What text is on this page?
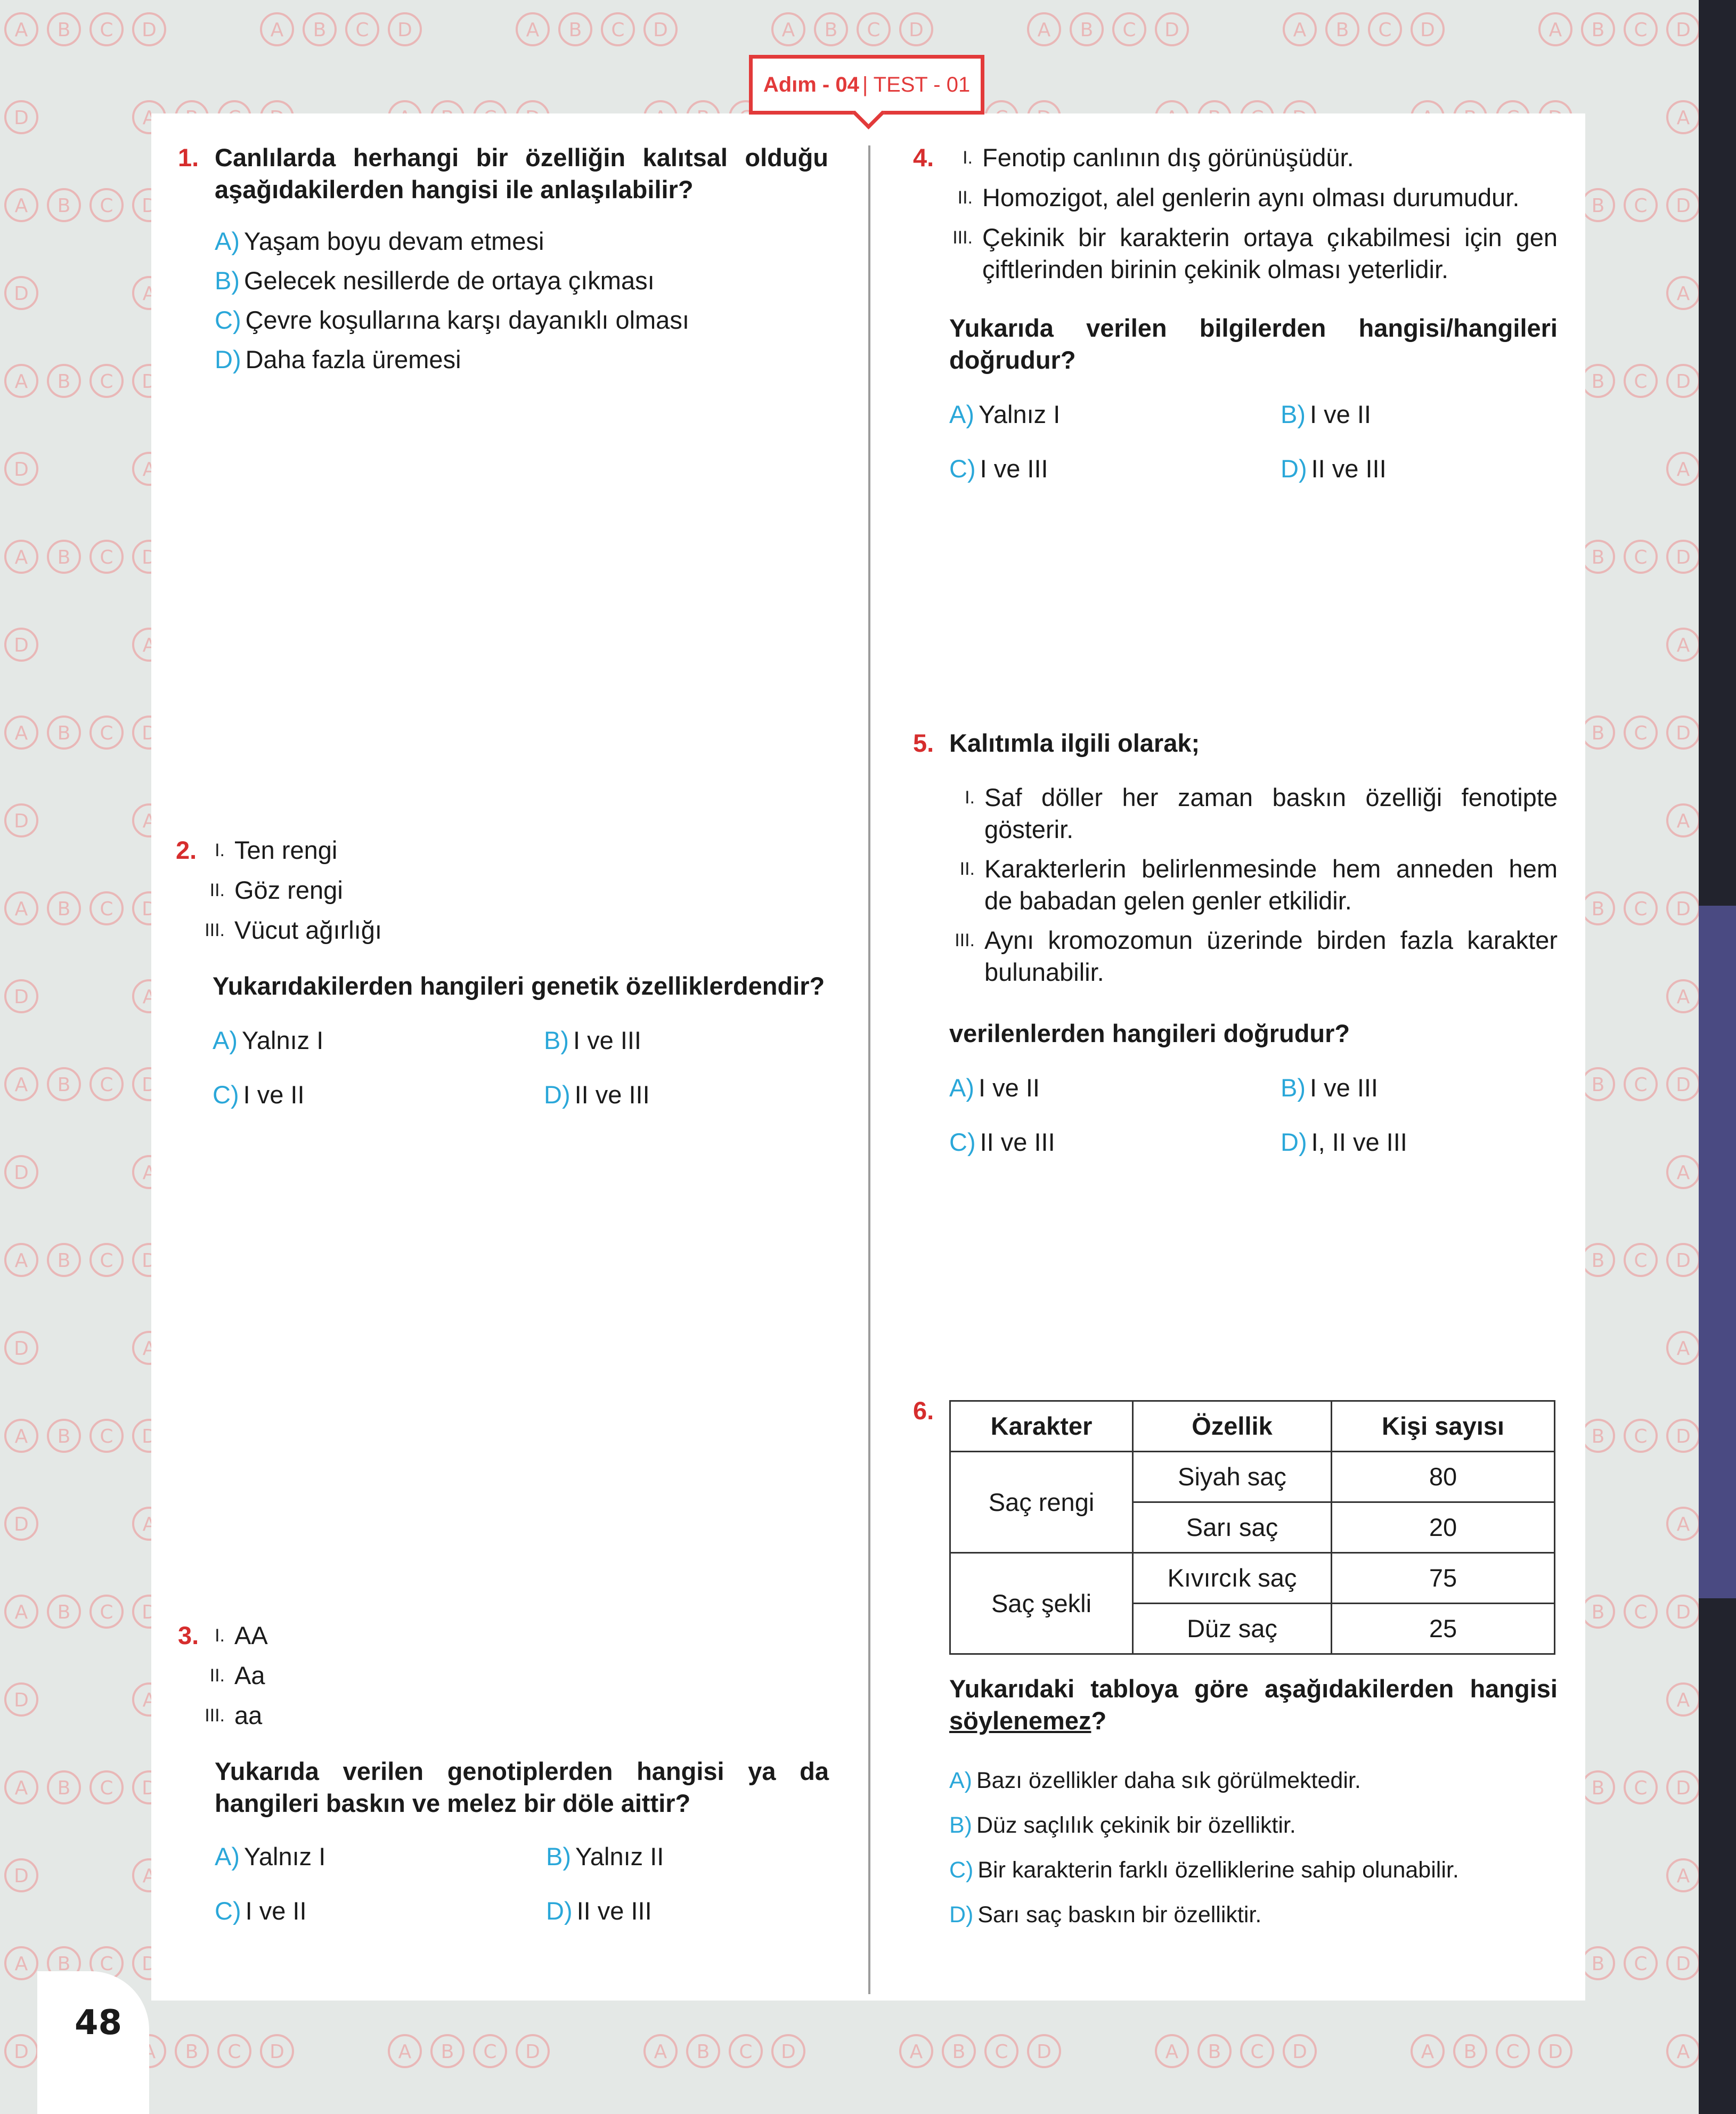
1. Canlılarda herhangi bir özelliğin kalıtsal olduğu aşağıdakilerden hangisi ile anlaşılabilir?

A) Yaşam boyu devam etmesi
B) Gelecek nesillerde de ortaya çıkması
C) Çevre koşullarına karşı dayanıklı olması
D) Daha fazla üremesi
2. I. Ten rengi
II. Göz rengi
III. Vücut ağırlığı

Yukarıdakilerden hangileri genetik özelliklerdendir?

A) Yalnız I	B) I ve III
C) I ve II	D) II ve III
3. I. AA
II. Aa
III. aa

Yukarıda verilen genotiplerden hangisi ya da hangileri baskın ve melez bir döle aittir?

A) Yalnız I	B) Yalnız II
C) I ve II	D) II ve III
4.	I. Fenotip canlının dış görünüşüdür.
II. Homozigot, alel genlerin aynı olması durumudur.
III. Çekinik bir karakterin ortaya çıkabilmesi için gen çiftlerinden birinin çekinik olması yeterlidir.

Yukarıda verilen bilgilerden hangisi/hangileri doğrudur?

A) Yalnız I	B) I ve II
C) I ve III	D) II ve III
5. Kalıtımla ilgili olarak;

I. Saf döller her zaman baskın özelliği fenotipte gösterir.
II. Karakterlerin belirlenmesinde hem anneden hem de babadan gelen genler etkilidir.
III. Aynı kromozomun üzerinde birden fazla karakter bulunabilir.

verilenlerden hangileri doğrudur?

A) I ve II	B) I ve III
C) II ve III	D) I, II ve III
6.
Karakter	Özellik	Kişi sayısı
Saç rengi	Siyah saç	80
	Sarı saç	20
Saç şekli	Kıvırcık saç	75
	Düz saç	25

Yukarıdaki tabloya göre aşağıdakilerden hangisi söylenemez?

A) Bazı özellikler daha sık görülmektedir.
B) Düz saçlılık çekinik bir özelliktir.
C) Bir karakterin farklı özelliklerine sahip olunabilir.
D) Sarı saç baskın bir özelliktir.
Adım - 04 | TEST - 01
48
